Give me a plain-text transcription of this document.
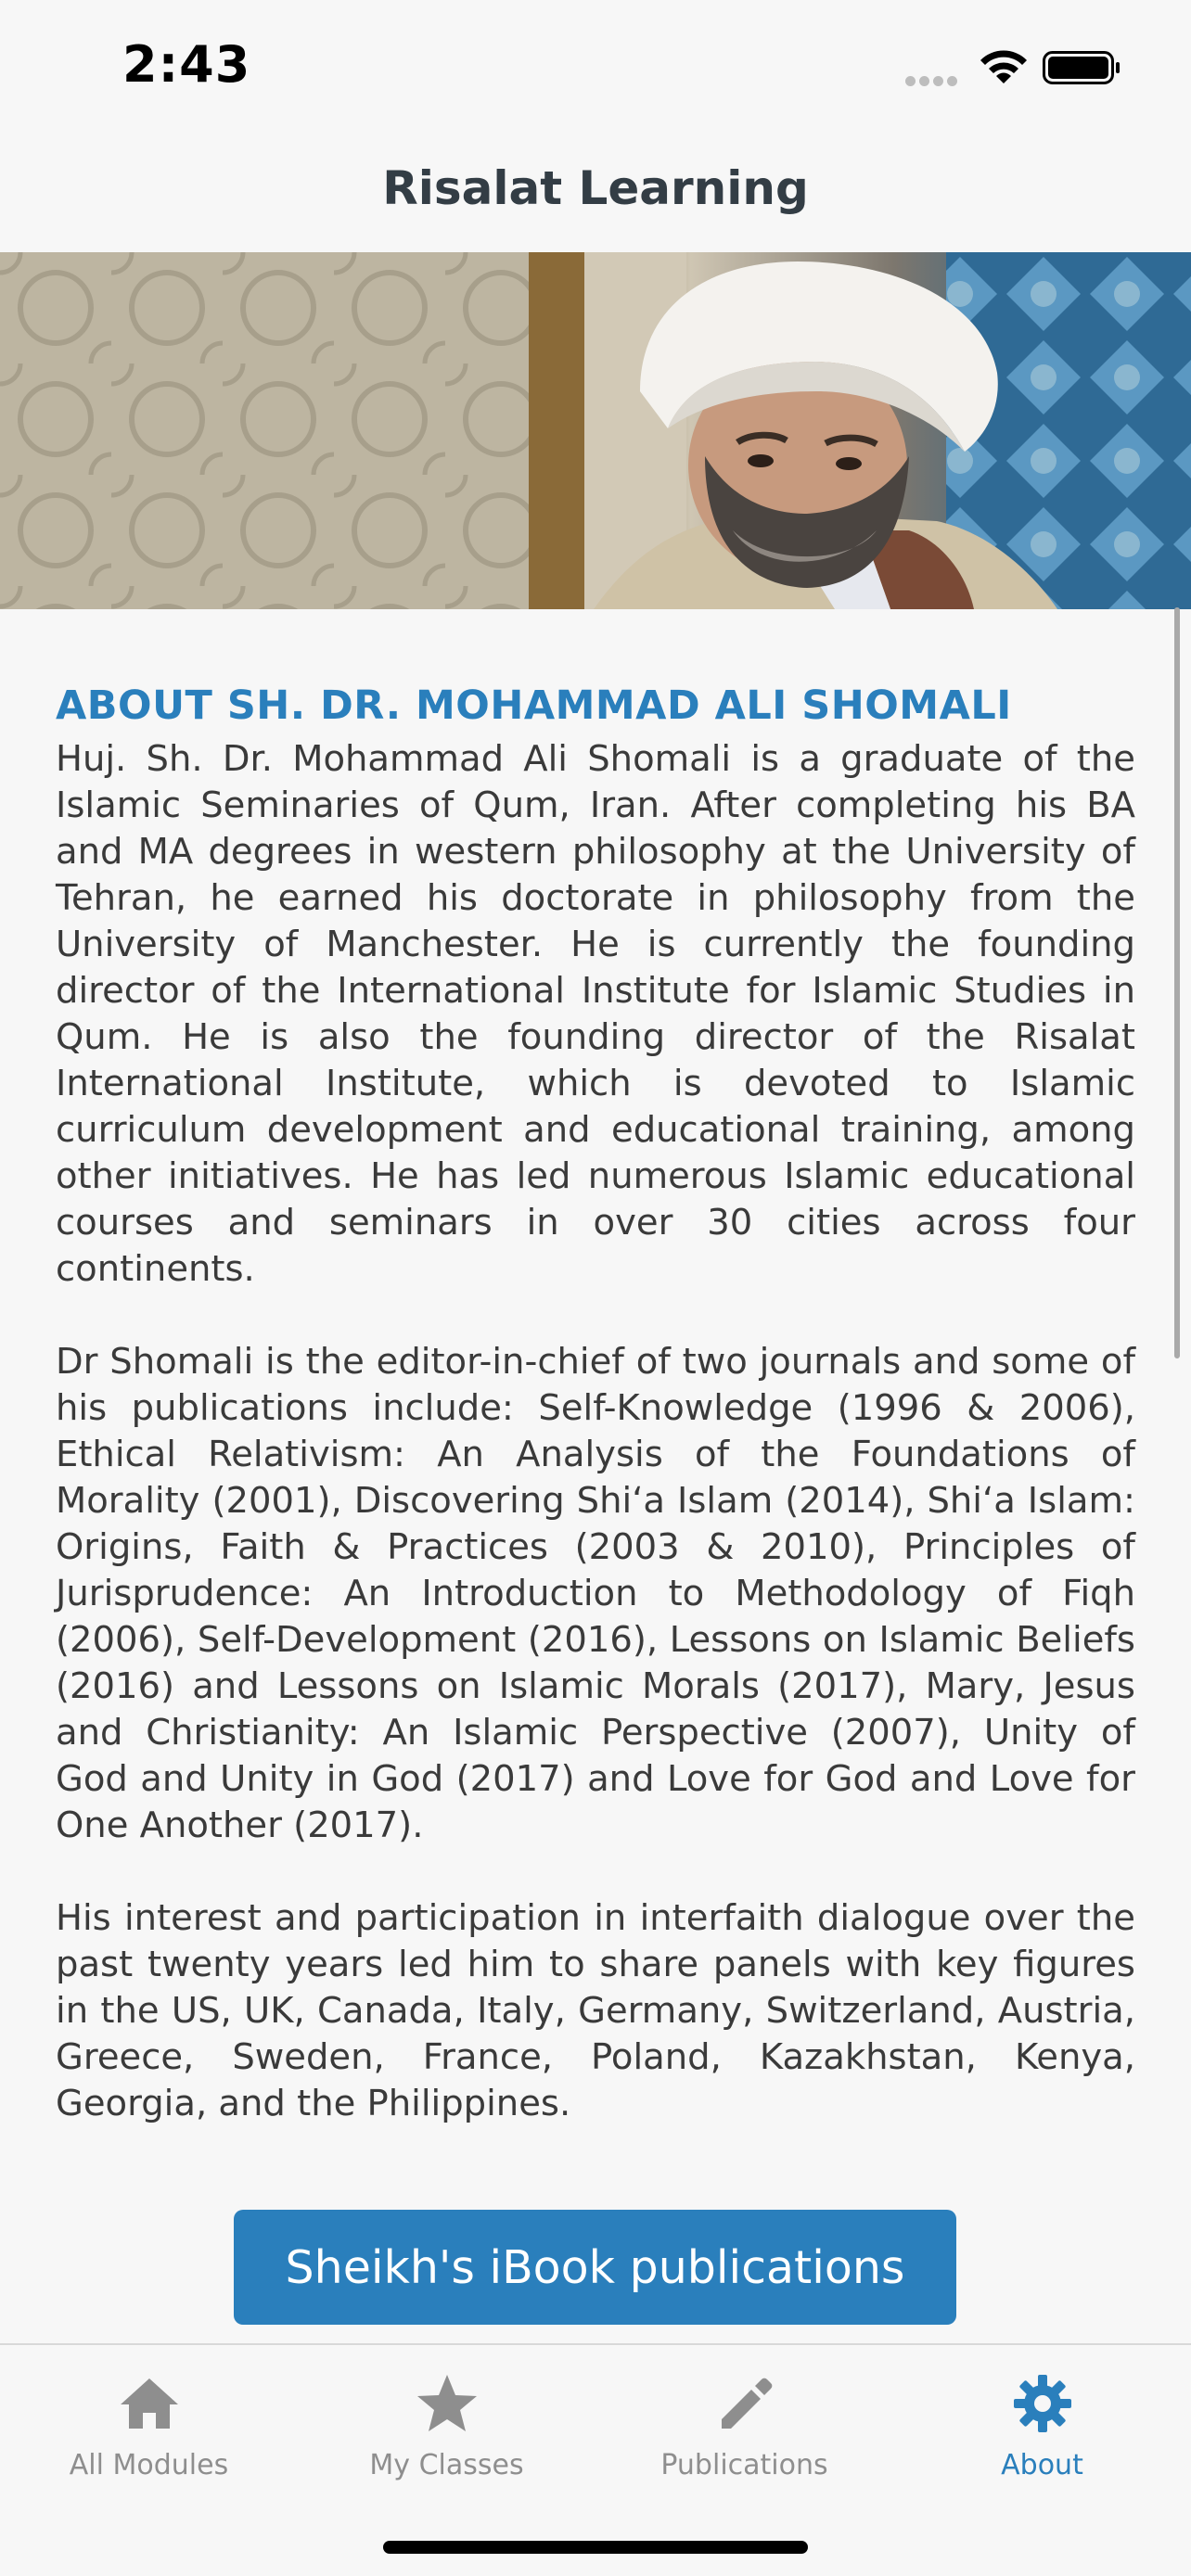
2:43
Risalat Learning
ABOUT SH. DR. MOHAMMAD ALI SHOMALI

Huj. Sh. Dr. Mohammad Ali Shomali is a graduate of the Islamic Seminaries of Qum, Iran. After completing his BA and MA degrees in western philosophy at the University of Tehran, he earned his doctorate in philosophy from the University of Manchester. He is currently the founding director of the International Institute for Islamic Studies in Qum. He is also the founding director of the Risalat International Institute, which is devoted to Islamic curriculum development and educational training, among other initiatives. He has led numerous Islamic educational courses and seminars in over 30 cities across four continents.

Dr Shomali is the editor-in-chief of two journals and some of his publications include: Self-Knowledge (1996 & 2006), Ethical Relativism: An Analysis of the Foundations of Morality (2001), Discovering Shi‘a Islam (2014), Shi‘a Islam: Origins, Faith & Practices (2003 & 2010), Principles of Jurisprudence: An Introduction to Methodology of Fiqh (2006), Self-Development (2016), Lessons on Islamic Beliefs (2016) and Lessons on Islamic Morals (2017), Mary, Jesus and Christianity: An Islamic Perspective (2007), Unity of God and Unity in God (2017) and Love for God and Love for One Another (2017).

His interest and participation in interfaith dialogue over the past twenty years led him to share panels with key figures in the US, UK, Canada, Italy, Germany, Switzerland, Austria, Greece, Sweden, France, Poland, Kazakhstan, Kenya, Georgia, and the Philippines.

Sheikh's iBook publications
All Modules	My Classes	Publications	About
